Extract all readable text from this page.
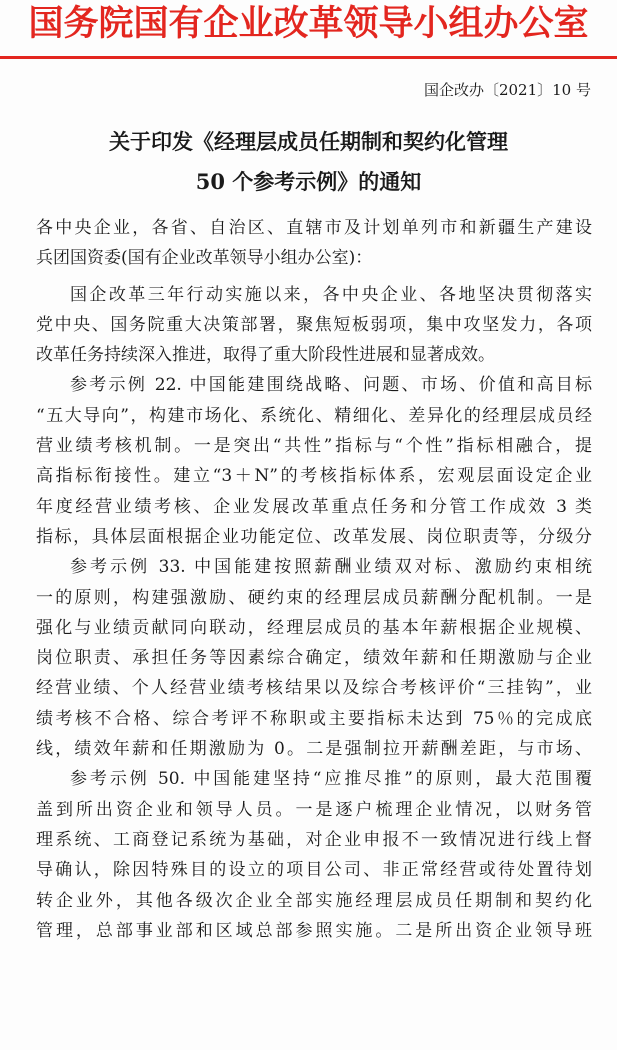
国务院国有企业改革领导小组办公室
国企改办〔2021〕10 号
关于印发《经理层成员任期制和契约化管理
50 个参考示例》的通知
各中央企业，各省、自治区、直辖市及计划单列市和新疆生产建设
兵团国资委(国有企业改革领导小组办公室)：
国企改革三年行动实施以来，各中央企业、各地坚决贯彻落实
党中央、国务院重大决策部署，聚焦短板弱项，集中攻坚发力，各项
改革任务持续深入推进，取得了重大阶段性进展和显著成效。
参考示例 22. 中国能建围绕战略、问题、市场、价值和高目标
“五大导向”，构建市场化、系统化、精细化、差异化的经理层成员经
营业绩考核机制。一是突出“共性”指标与“个性”指标相融合，提
高指标衔接性。建立“3＋N”的考核指标体系，宏观层面设定企业
年度经营业绩考核、企业发展改革重点任务和分管工作成效 3 类
指标，具体层面根据企业功能定位、改革发展、岗位职责等，分级分
参考示例 33. 中国能建按照薪酬业绩双对标、激励约束相统
一的原则，构建强激励、硬约束的经理层成员薪酬分配机制。一是
强化与业绩贡献同向联动，经理层成员的基本年薪根据企业规模、
岗位职责、承担任务等因素综合确定，绩效年薪和任期激励与企业
经营业绩、个人经营业绩考核结果以及综合考核评价“三挂钩”，业
绩考核不合格、综合考评不称职或主要指标未达到 75％的完成底
线，绩效年薪和任期激励为 0。二是强制拉开薪酬差距，与市场、
参考示例 50. 中国能建坚持“应推尽推”的原则，最大范围覆
盖到所出资企业和领导人员。一是逐户梳理企业情况，以财务管
理系统、工商登记系统为基础，对企业申报不一致情况进行线上督
导确认，除因特殊目的设立的项目公司、非正常经营或待处置待划
转企业外，其他各级次企业全部实施经理层成员任期制和契约化
管理，总部事业部和区域总部参照实施。二是所出资企业领导班
